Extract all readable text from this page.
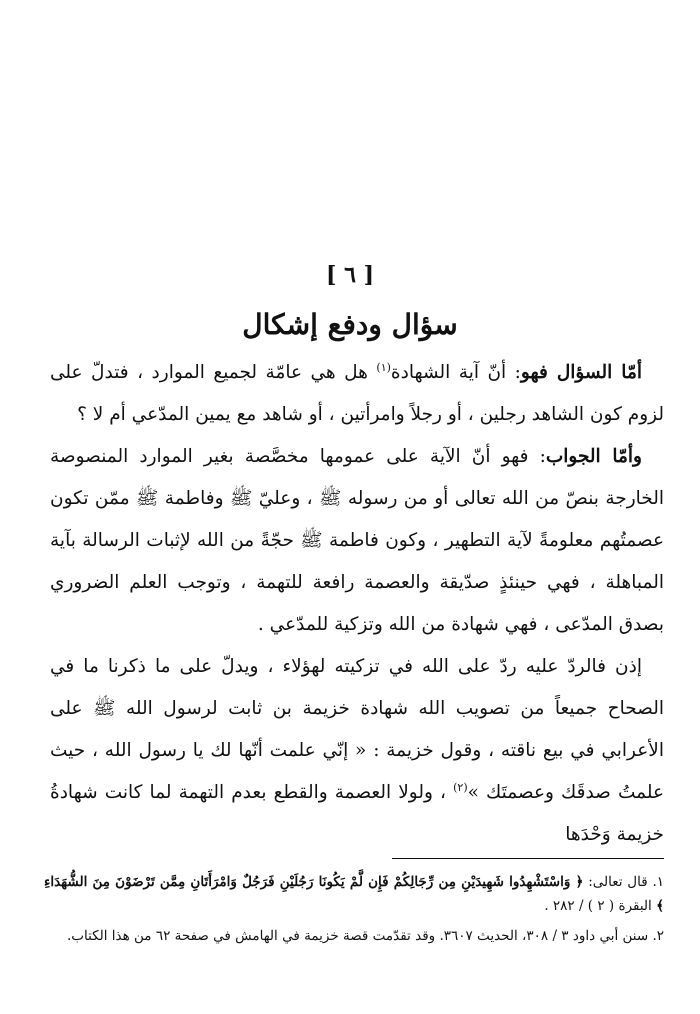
[ ٦ ]
سؤال ودفع إشكال

أمّا السؤال فهو: أنّ آية الشهادة$^{(١)}$ هل هي عامّة لجميع الموارد ، فتدلّ على لزوم كون الشاهد رجلين ، أو رجلاً وامرأتين ، أو شاهد مع يمين المدّعي أم لا ؟

وأمّا الجواب: فهو أنّ الآية على عمومها مخصَّصة بغير الموارد المنصوصة الخارجة بنصّ من الله تعالى أو من رسوله ﷺ ، وعليّ ﷺ وفاطمة ﷺ ممّن تكون عصمتُهم معلومةً لآية التطهير ، وكون فاطمة ﷺ حجّةً من الله لإثبات الرسالة بآية المباهلة ، فهي حينئذٍ صدّيقة والعصمة رافعة للتهمة ، وتوجب العلم الضروري بصدق المدّعى ، فهي شهادة من الله وتزكية للمدّعي .

إذن فالردّ عليه ردّ على الله في تزكيته لهؤلاء ، ويدلّ على ما ذكرنا ما في الصحاح جميعاً من تصويب الله شهادة خزيمة بن ثابت لرسول الله ﷺ على الأعرابي في بيع ناقته ، وقول خزيمة : « إنّي علمت أنّها لك يا رسول الله ، حيث علمتُ صدقَك وعصمتَك »$^{(٢)}$ ، ولولا العصمة والقطع بعدم التهمة لما كانت شهادةُ خزيمة وَحْدَها

١. قال تعالى: ﴿ وَاسْتَشْهِدُوا شَهِيدَيْنِ مِن رِّجَالِكُمْ فَإِن لَّمْ يَكُونَا رَجُلَيْنِ فَرَجُلٌ وَامْرَأَتَانِ مِمَّن تَرْضَوْنَ مِنَ الشُّهَدَاءِ ﴾ البقرة ( ٢ ) / ٢٨٢ .

٢. سنن أبي داود ٣ / ٣٠٨، الحديث ٣٦٠٧. وقد تقدّمت قصة خزيمة في الهامش في صفحة ٦٢ من هذا الكتاب.
